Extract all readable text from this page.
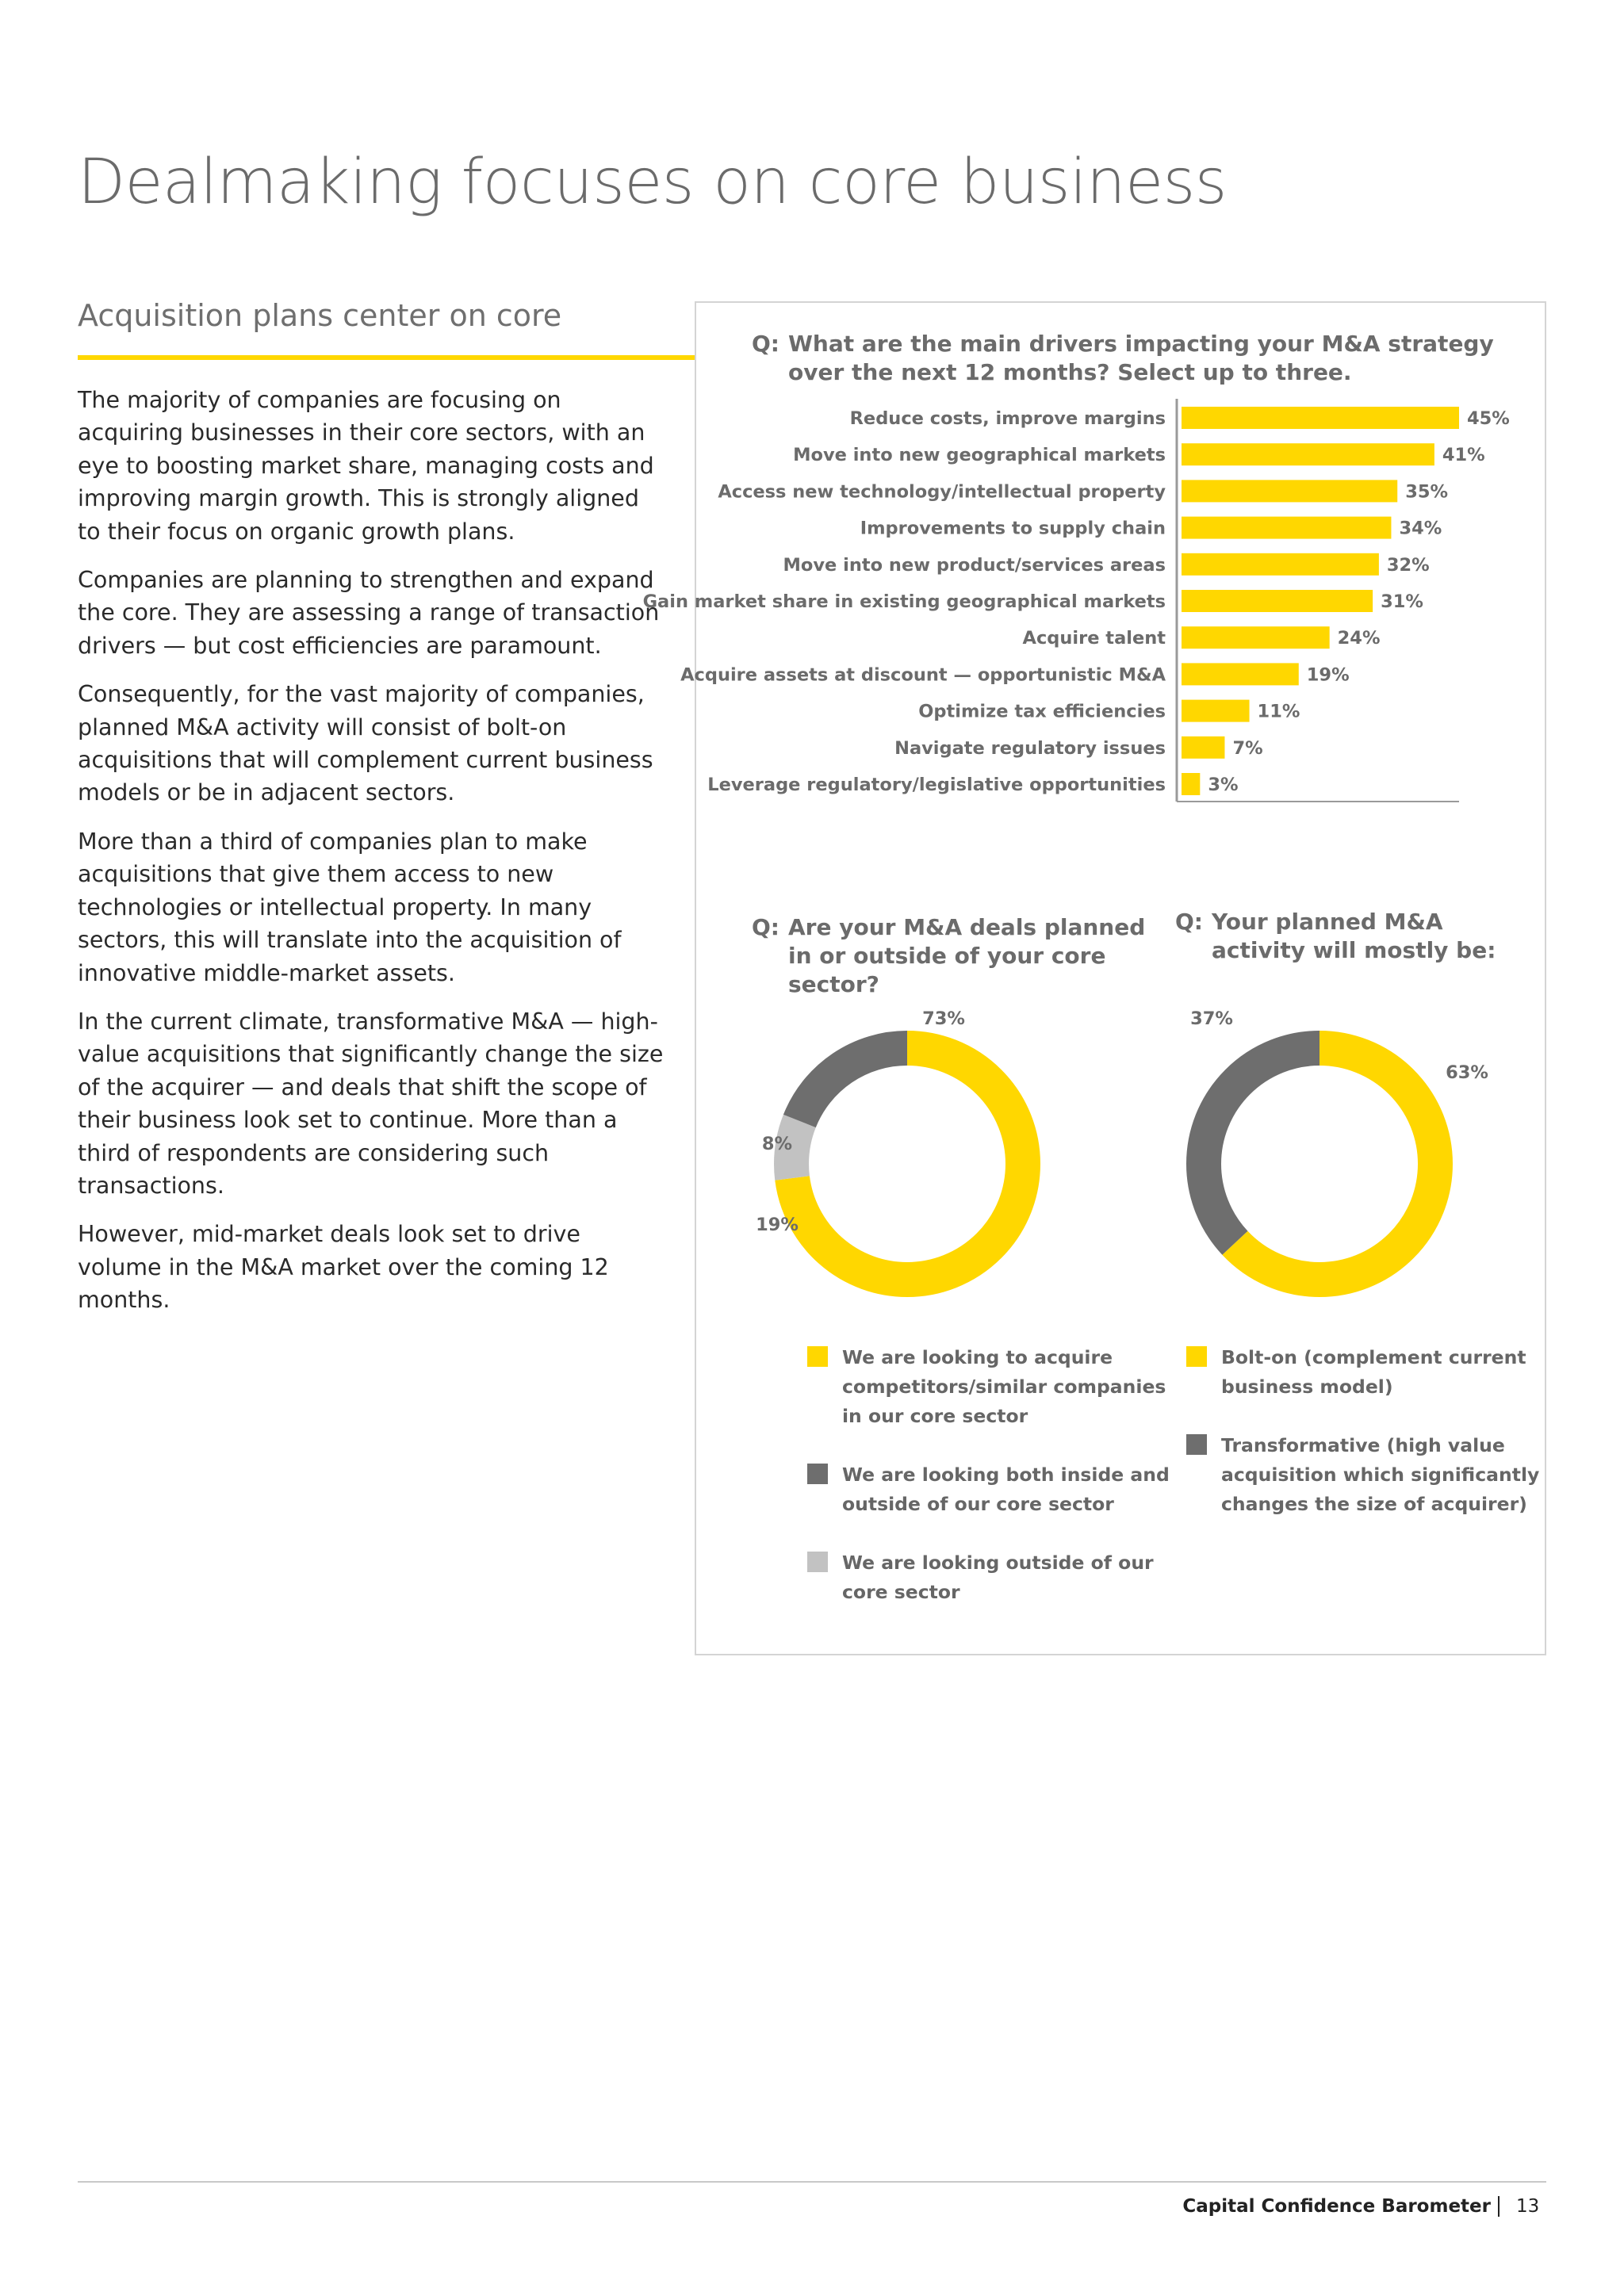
Dealmaking focuses on core business
Acquisition plans center on core

The majority of companies are focusing on acquiring businesses in their core sectors, with an eye to boosting market share, managing costs and improving margin growth. This is strongly aligned to their focus on organic growth plans.

Companies are planning to strengthen and expand the core. They are assessing a range of transaction drivers — but cost efficiencies are paramount.

Consequently, for the vast majority of companies, planned M&A activity will consist of bolt-on acquisitions that will complement current business models or be in adjacent sectors.

More than a third of companies plan to make acquisitions that give them access to new technologies or intellectual property. In many sectors, this will translate into the acquisition of innovative middle-market assets.

In the current climate, transformative M&A — high-value acquisitions that significantly change the size of the acquirer — and deals that shift the scope of their business look set to continue. More than a third of respondents are considering such transactions.

However, mid-market deals look set to drive volume in the M&A market over the coming 12 months.

Q: What are the main drivers impacting your M&A strategy
over the next 12 months? Select up to three.
Reduce costs, improve margins	45%
Move into new geographical markets	41%
Access new technology/intellectual property	35%
Improvements to supply chain	34%
Move into new product/services areas	32%
Gain market share in existing geographical markets	31%
Acquire talent	24%
Acquire assets at discount — opportunistic M&A	19%
Optimize tax efficiencies	11%
Navigate regulatory issues	7%
Leverage regulatory/legislative opportunities 3%
Q: Are your M&A deals planned
in or outside of your core
sector?
Q: Your planned M&A
activity will mostly be:
73%
8%
19%
63%
37%
We are looking to acquire
competitors/similar companies
in our core sector
We are looking both inside and
outside of our core sector
We are looking outside of our
core sector
Bolt-on (complement current
business model)
Transformative (high value
acquisition which significantly
changes the size of acquirer)
Capital Confidence Barometer 13
